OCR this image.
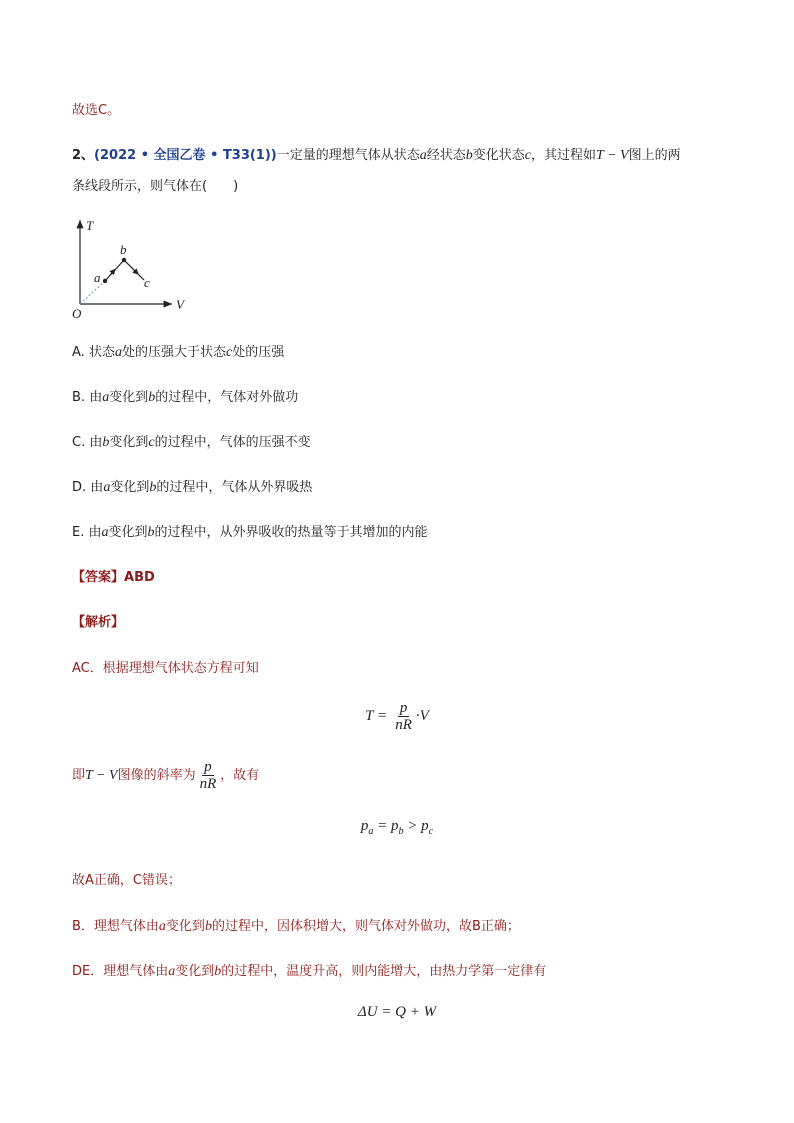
故选C。
2、(2022 • 全国乙卷 • T33(1))一定量的理想气体从状态a经状态b变化状态c，其过程如T − V图上的两
条线段所示，则气体在(　　)
T
V
O
a
b
c
A. 状态a处的压强大于状态c处的压强
B. 由a变化到b的过程中，气体对外做功
C. 由b变化到c的过程中，气体的压强不变
D. 由a变化到b的过程中，气体从外界吸热
E. 由a变化到b的过程中，从外界吸收的热量等于其增加的内能
【答案】ABD
【解析】
AC．根据理想气体状态方程可知
$T = \frac{p}{nR} \cdot V$
即T − V图像的斜率为 $\frac{p}{nR}$ ，故有
$p_a = p_b > p_c$
故A正确，C错误；
B．理想气体由a变化到b的过程中，因体积增大，则气体对外做功，故B正确；
DE．理想气体由a变化到b的过程中，温度升高，则内能增大，由热力学第一定律有
ΔU = Q + W
